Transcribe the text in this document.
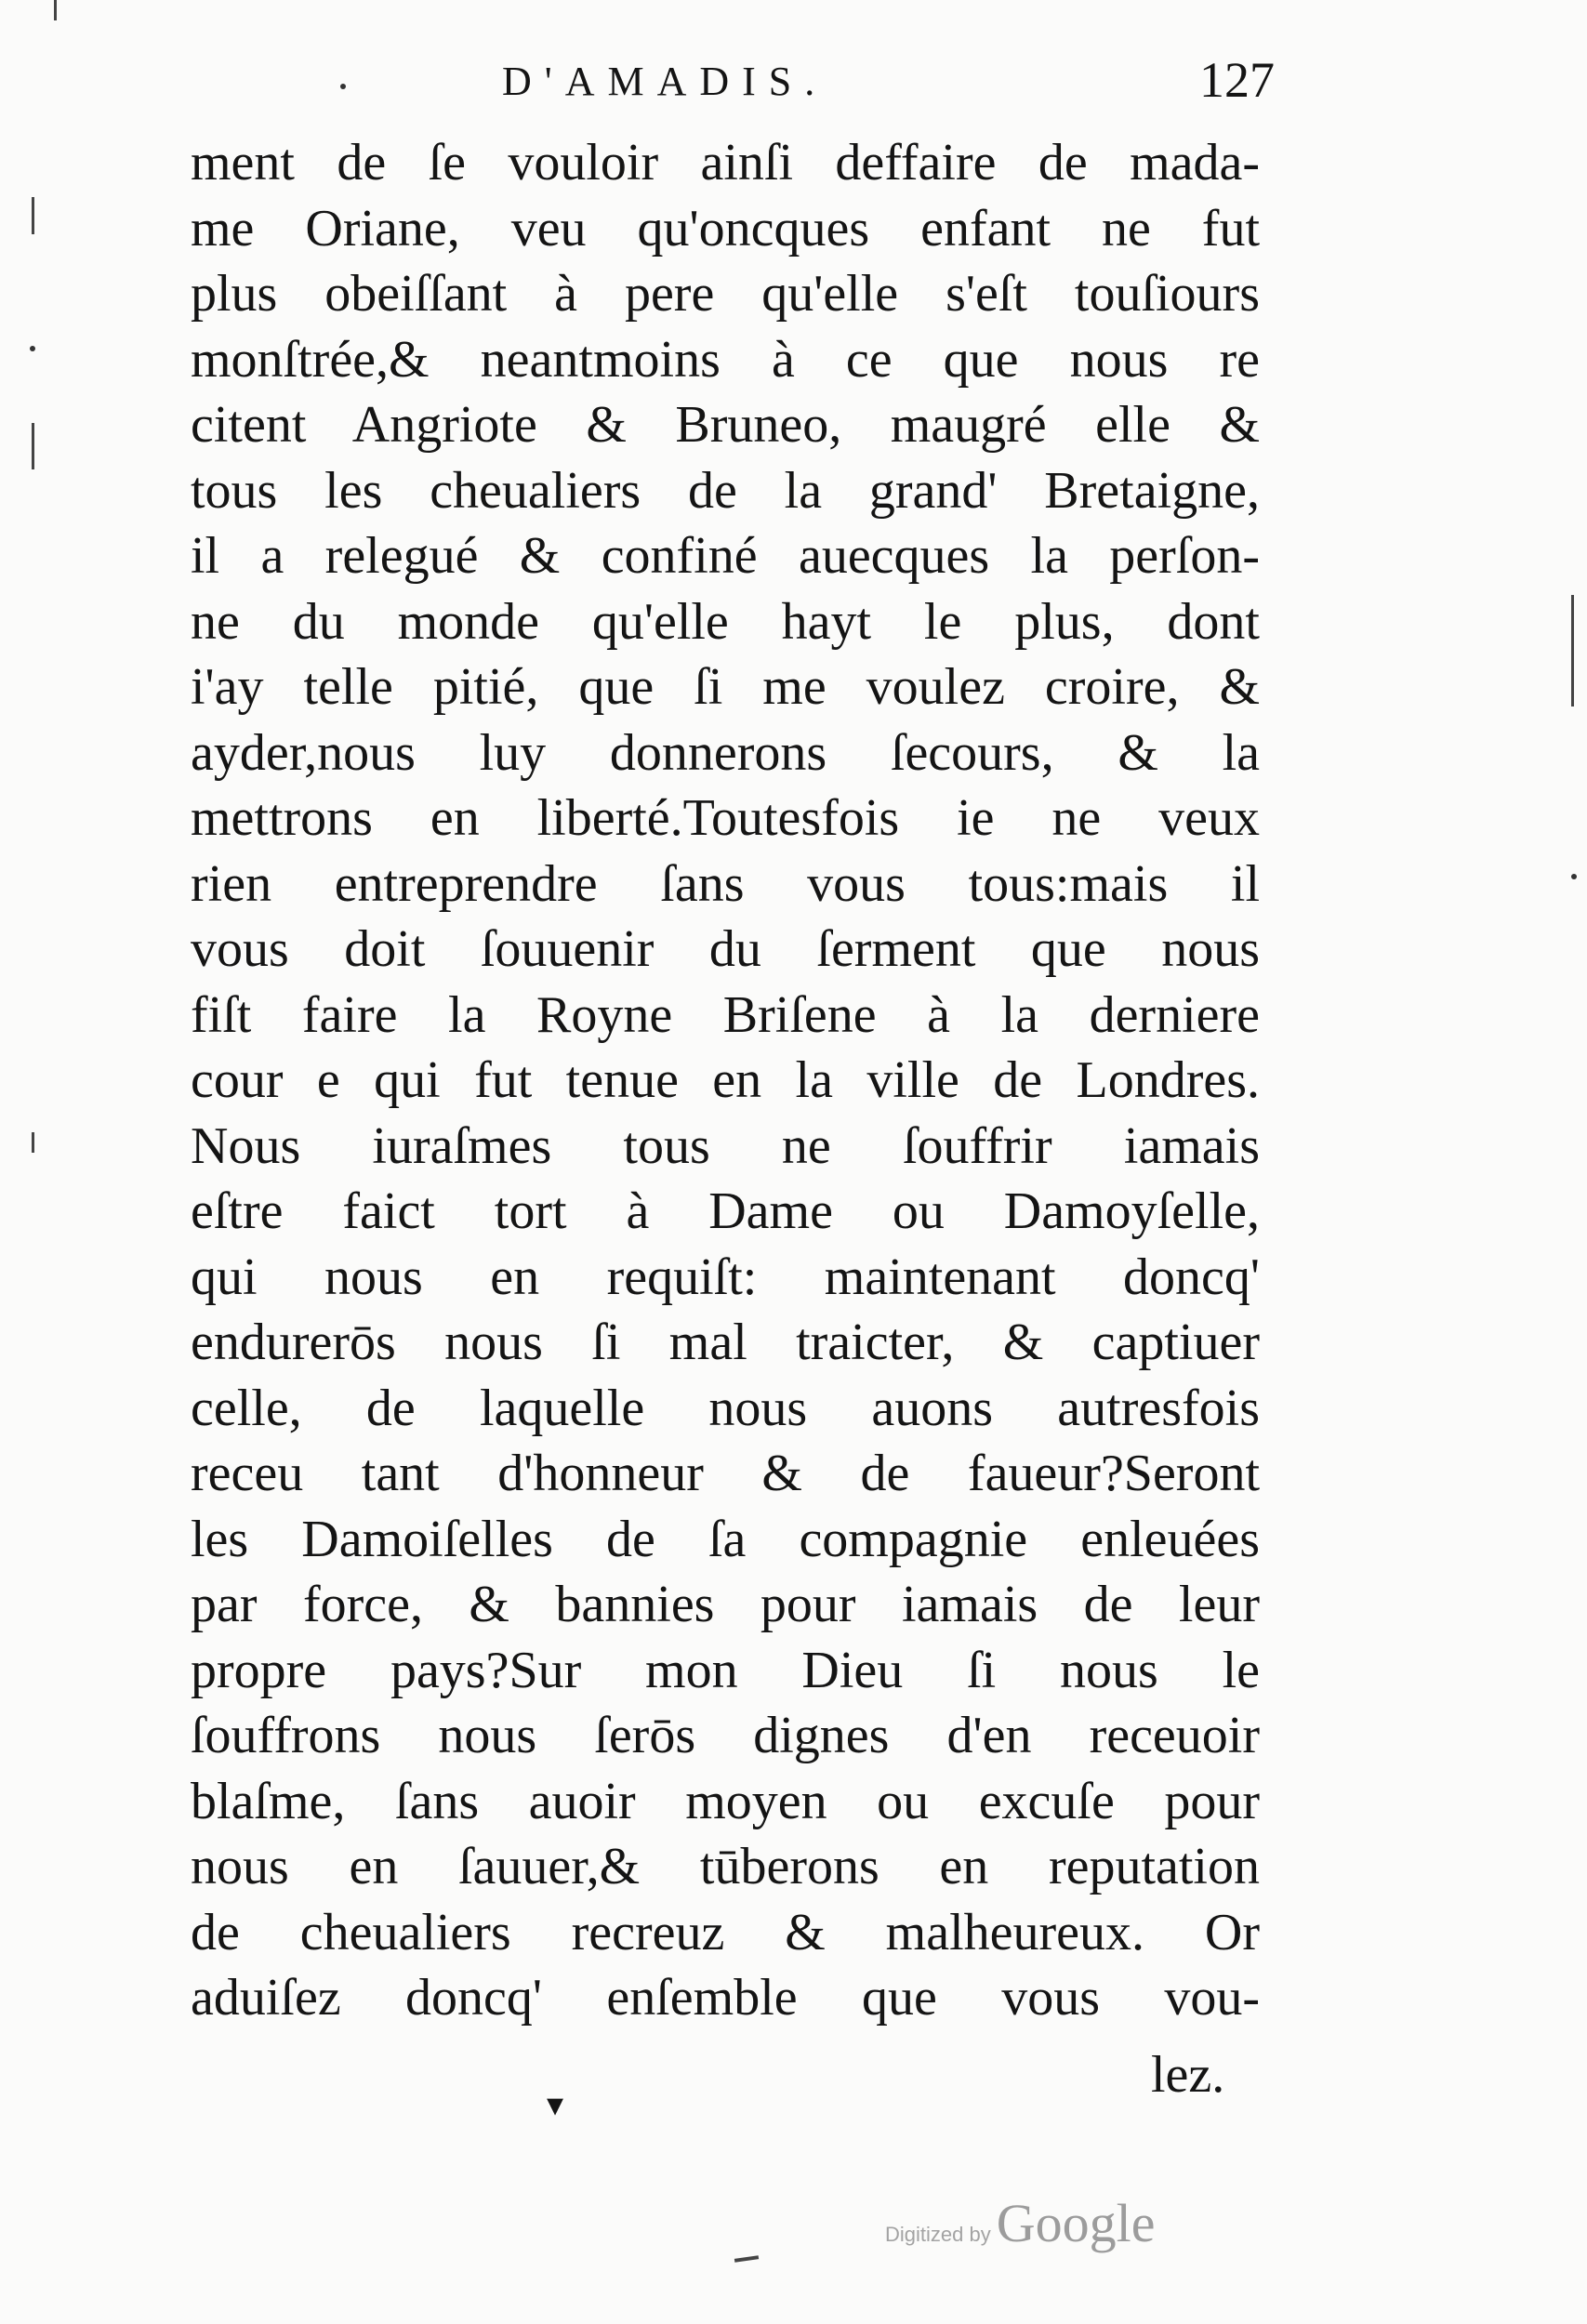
D'AMADIS.	127
ment de ſe vouloir ainſi deffaire de mada-
me Oriane, veu qu'oncques enfant ne fut
plus obeiſſant à pere qu'elle s'eſt touſiours
monſtrée,& neantmoins à ce que nous re
citent Angriote & Bruneo, maugré elle &
tous les cheualiers de la grand' Bretaigne,
il a relegué & confiné auecques la perſon-
ne du monde qu'elle hayt le plus, dont
i'ay telle pitié, que ſi me voulez croire, &
ayder,nous luy donnerons ſecours, & la
mettrons en liberté.Toutesfois ie ne veux
rien entreprendre ſans vous tous:mais il
vous doit ſouuenir du ſerment que nous
fiſt faire la Royne Briſene à la derniere
cour e qui fut tenue en la ville de Londres.
Nous iuraſmes tous ne ſouffrir iamais
eſtre faict tort à Dame ou Damoyſelle,
qui nous en requiſt: maintenant doncq'
endurerōs nous ſi mal traicter, & captiuer
celle, de laquelle nous auons autresfois
receu tant d'honneur & de faueur?Seront
les Damoiſelles de ſa compagnie enleuées
par force, & bannies pour iamais de leur
propre pays?Sur mon Dieu ſi nous le
ſouffrons nous ſerōs dignes d'en receuoir
blaſme, ſans auoir moyen ou excuſe pour
nous en ſauuer,& tūberons en reputation
de cheualiers recreuz & malheureux. Or
aduiſez doncq' enſemble que vous vou-
lez.
▾
Digitized by Google
